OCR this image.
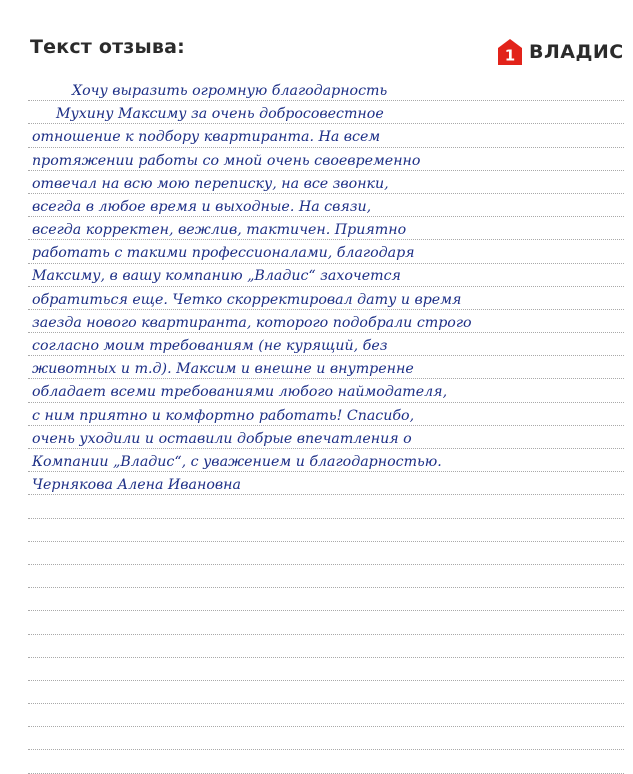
Текст отзыва:	1 ВЛАДИС
Хочу выразить огромную благодарность
Мухину Максиму за очень добросовестное
отношение к подбору квартиранта. На всем
протяжении работы со мной очень своевременно
отвечал на всю мою переписку, на все звонки,
всегда в любое время и выходные. На связи,
всегда корректен, вежлив, тактичен. Приятно
работать с такими профессионалами, благодаря
Максиму, в вашу компанию „Владис“ захочется
обратиться еще. Четко скорректировал дату и время
заезда нового квартиранта, которого подобрали строго
согласно моим требованиям (не курящий, без
животных и т.д). Максим и внешне и внутренне
обладает всеми требованиями любого наймодателя,
с ним приятно и комфортно работать! Спасибо,
очень уходили и оставили добрые впечатления о
Компании „Владис“, с уважением и благодарностью.
Чернякова Алена Ивановна
